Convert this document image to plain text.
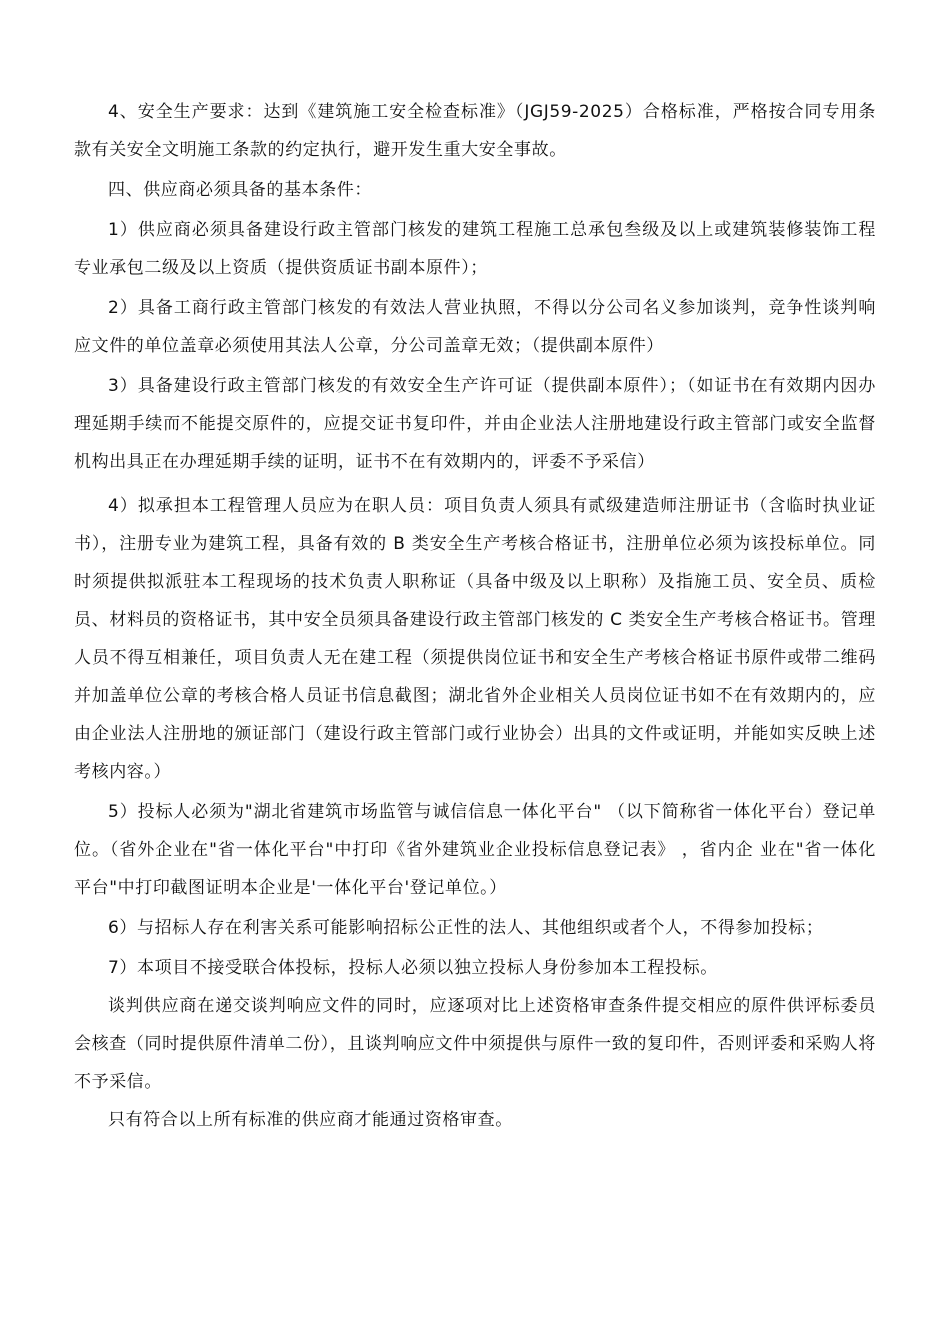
4、安全生产要求：达到《建筑施工安全检查标准》（JGJ59-2025）合格标准，严格按合同专用条款有关安全文明施工条款的约定执行，避开发生重大安全事故。

四、供应商必须具备的基本条件：

1）供应商必须具备建设行政主管部门核发的建筑工程施工总承包叁级及以上或建筑装修装饰工程专业承包二级及以上资质（提供资质证书副本原件）；

2）具备工商行政主管部门核发的有效法人营业执照，不得以分公司名义参加谈判，竞争性谈判响应文件的单位盖章必须使用其法人公章，分公司盖章无效；（提供副本原件）

3）具备建设行政主管部门核发的有效安全生产许可证（提供副本原件）；（如证书在有效期内因办理延期手续而不能提交原件的，应提交证书复印件，并由企业法人注册地建设行政主管部门或安全监督机构出具正在办理延期手续的证明，证书不在有效期内的，评委不予采信）

4）拟承担本工程管理人员应为在职人员：项目负责人须具有贰级建造师注册证书（含临时执业证书），注册专业为建筑工程，具备有效的 B 类安全生产考核合格证书，注册单位必须为该投标单位。同时须提供拟派驻本工程现场的技术负责人职称证（具备中级及以上职称）及指施工员、安全员、质检员、材料员的资格证书，其中安全员须具备建设行政主管部门核发的 C 类安全生产考核合格证书。管理人员不得互相兼任，项目负责人无在建工程（须提供岗位证书和安全生产考核合格证书原件或带二维码并加盖单位公章的考核合格人员证书信息截图；湖北省外企业相关人员岗位证书如不在有效期内的，应由企业法人注册地的颁证部门（建设行政主管部门或行业协会）出具的文件或证明，并能如实反映上述考核内容。）

5）投标人必须为"湖北省建筑市场监管与诚信信息一体化平台" （以下简称省一体化平台）登记单位。（省外企业在"省一体化平台"中打印《省外建筑业企业投标信息登记表》 ，省内企 业在"省一体化平台"中打印截图证明本企业是'一体化平台'登记单位。）

6）与招标人存在利害关系可能影响招标公正性的法人、其他组织或者个人，不得参加投标；

7）本项目不接受联合体投标，投标人必须以独立投标人身份参加本工程投标。

谈判供应商在递交谈判响应文件的同时，应逐项对比上述资格审查条件提交相应的原件供评标委员会核查（同时提供原件清单二份），且谈判响应文件中须提供与原件一致的复印件，否则评委和采购人将不予采信。

只有符合以上所有标准的供应商才能通过资格审查。
